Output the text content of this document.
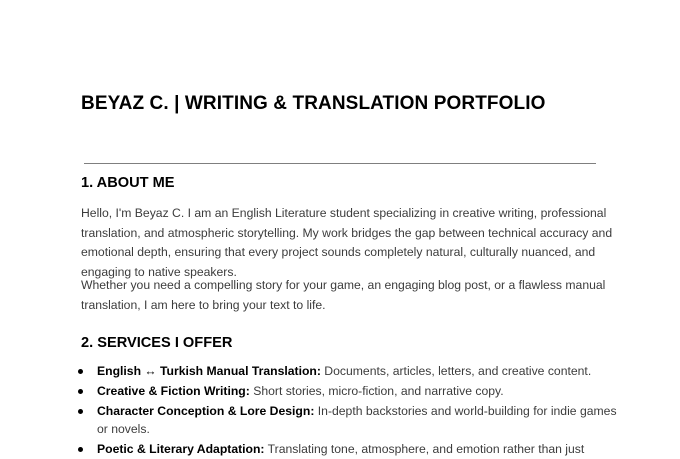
BEYAZ C. | WRITING & TRANSLATION PORTFOLIO
1. ABOUT ME

Hello, I'm Beyaz C. I am an English Literature student specializing in creative writing, professional translation, and atmospheric storytelling. My work bridges the gap between technical accuracy and emotional depth, ensuring that every project sounds completely natural, culturally nuanced, and engaging to native speakers.

Whether you need a compelling story for your game, an engaging blog post, or a flawless manual translation, I am here to bring your text to life.

2. SERVICES I OFFER
English ↔ Turkish Manual Translation: Documents, articles, letters, and creative content.
Creative & Fiction Writing: Short stories, micro-fiction, and narrative copy.
Character Conception & Lore Design: In-depth backstories and world-building for indie games or novels.
Poetic & Literary Adaptation: Translating tone, atmosphere, and emotion rather than just
